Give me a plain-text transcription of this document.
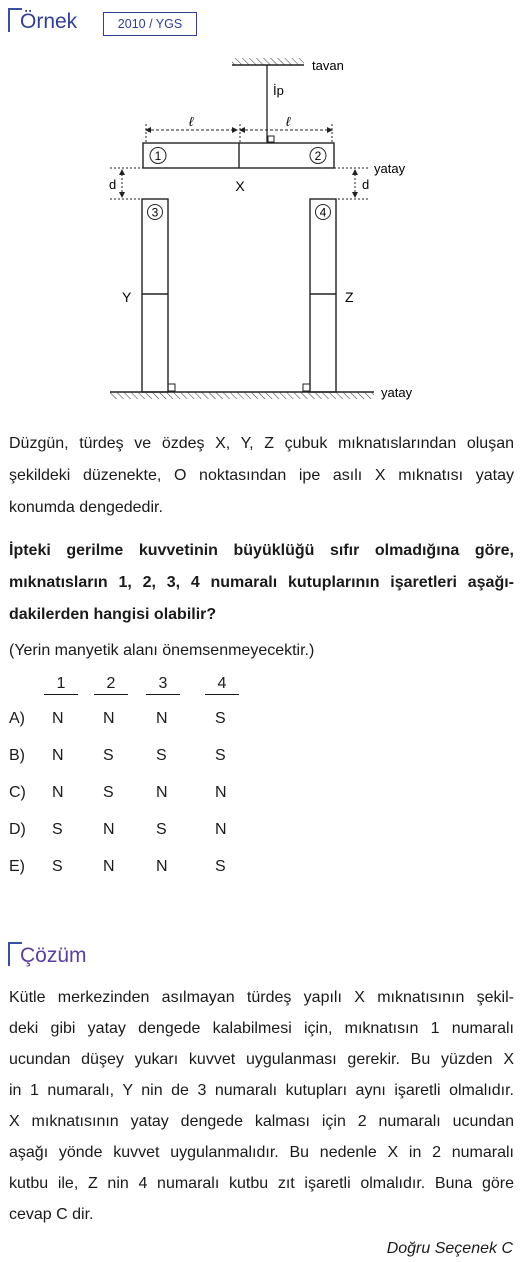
Örnek	2010 / YGS
tavan
İp
ℓ	ℓ
1	2
X
yatay
d	d
3
Y
4
Z
yatay
Düzgün, türdeş ve özdeş X, Y, Z çubuk mıknatıslarından oluşan
şekildeki düzenekte, O noktasından ipe asılı X mıknatısı yatay
konumda dengededir.
İpteki gerilme kuvvetinin büyüklüğü sıfır olmadığına göre,
mıknatısların 1, 2, 3, 4 numaralı kutuplarının işaretleri aşağı-
dakilerden hangisi olabilir?
(Yerin manyetik alanı önemsenmeyecektir.)
1	2	3	4
A) N N	N	S
B) N S	S	S
C) N S	N	N
D) S	N	S	N
E) S	N	N	S
Çözüm
Kütle merkezinden asılmayan türdeş yapılı X mıknatısının şekil-
deki gibi yatay dengede kalabilmesi için, mıknatısın 1 numaralı
ucundan düşey yukarı kuvvet uygulanması gerekir. Bu yüzden X
in 1 numaralı, Y nin de 3 numaralı kutupları aynı işaretli olmalıdır.
X mıknatısının yatay dengede kalması için 2 numaralı ucundan
aşağı yönde kuvvet uygulanmalıdır. Bu nedenle X in 2 numaralı
kutbu ile, Z nin 4 numaralı kutbu zıt işaretli olmalıdır. Buna göre
cevap C dir.
Doğru Seçenek C
